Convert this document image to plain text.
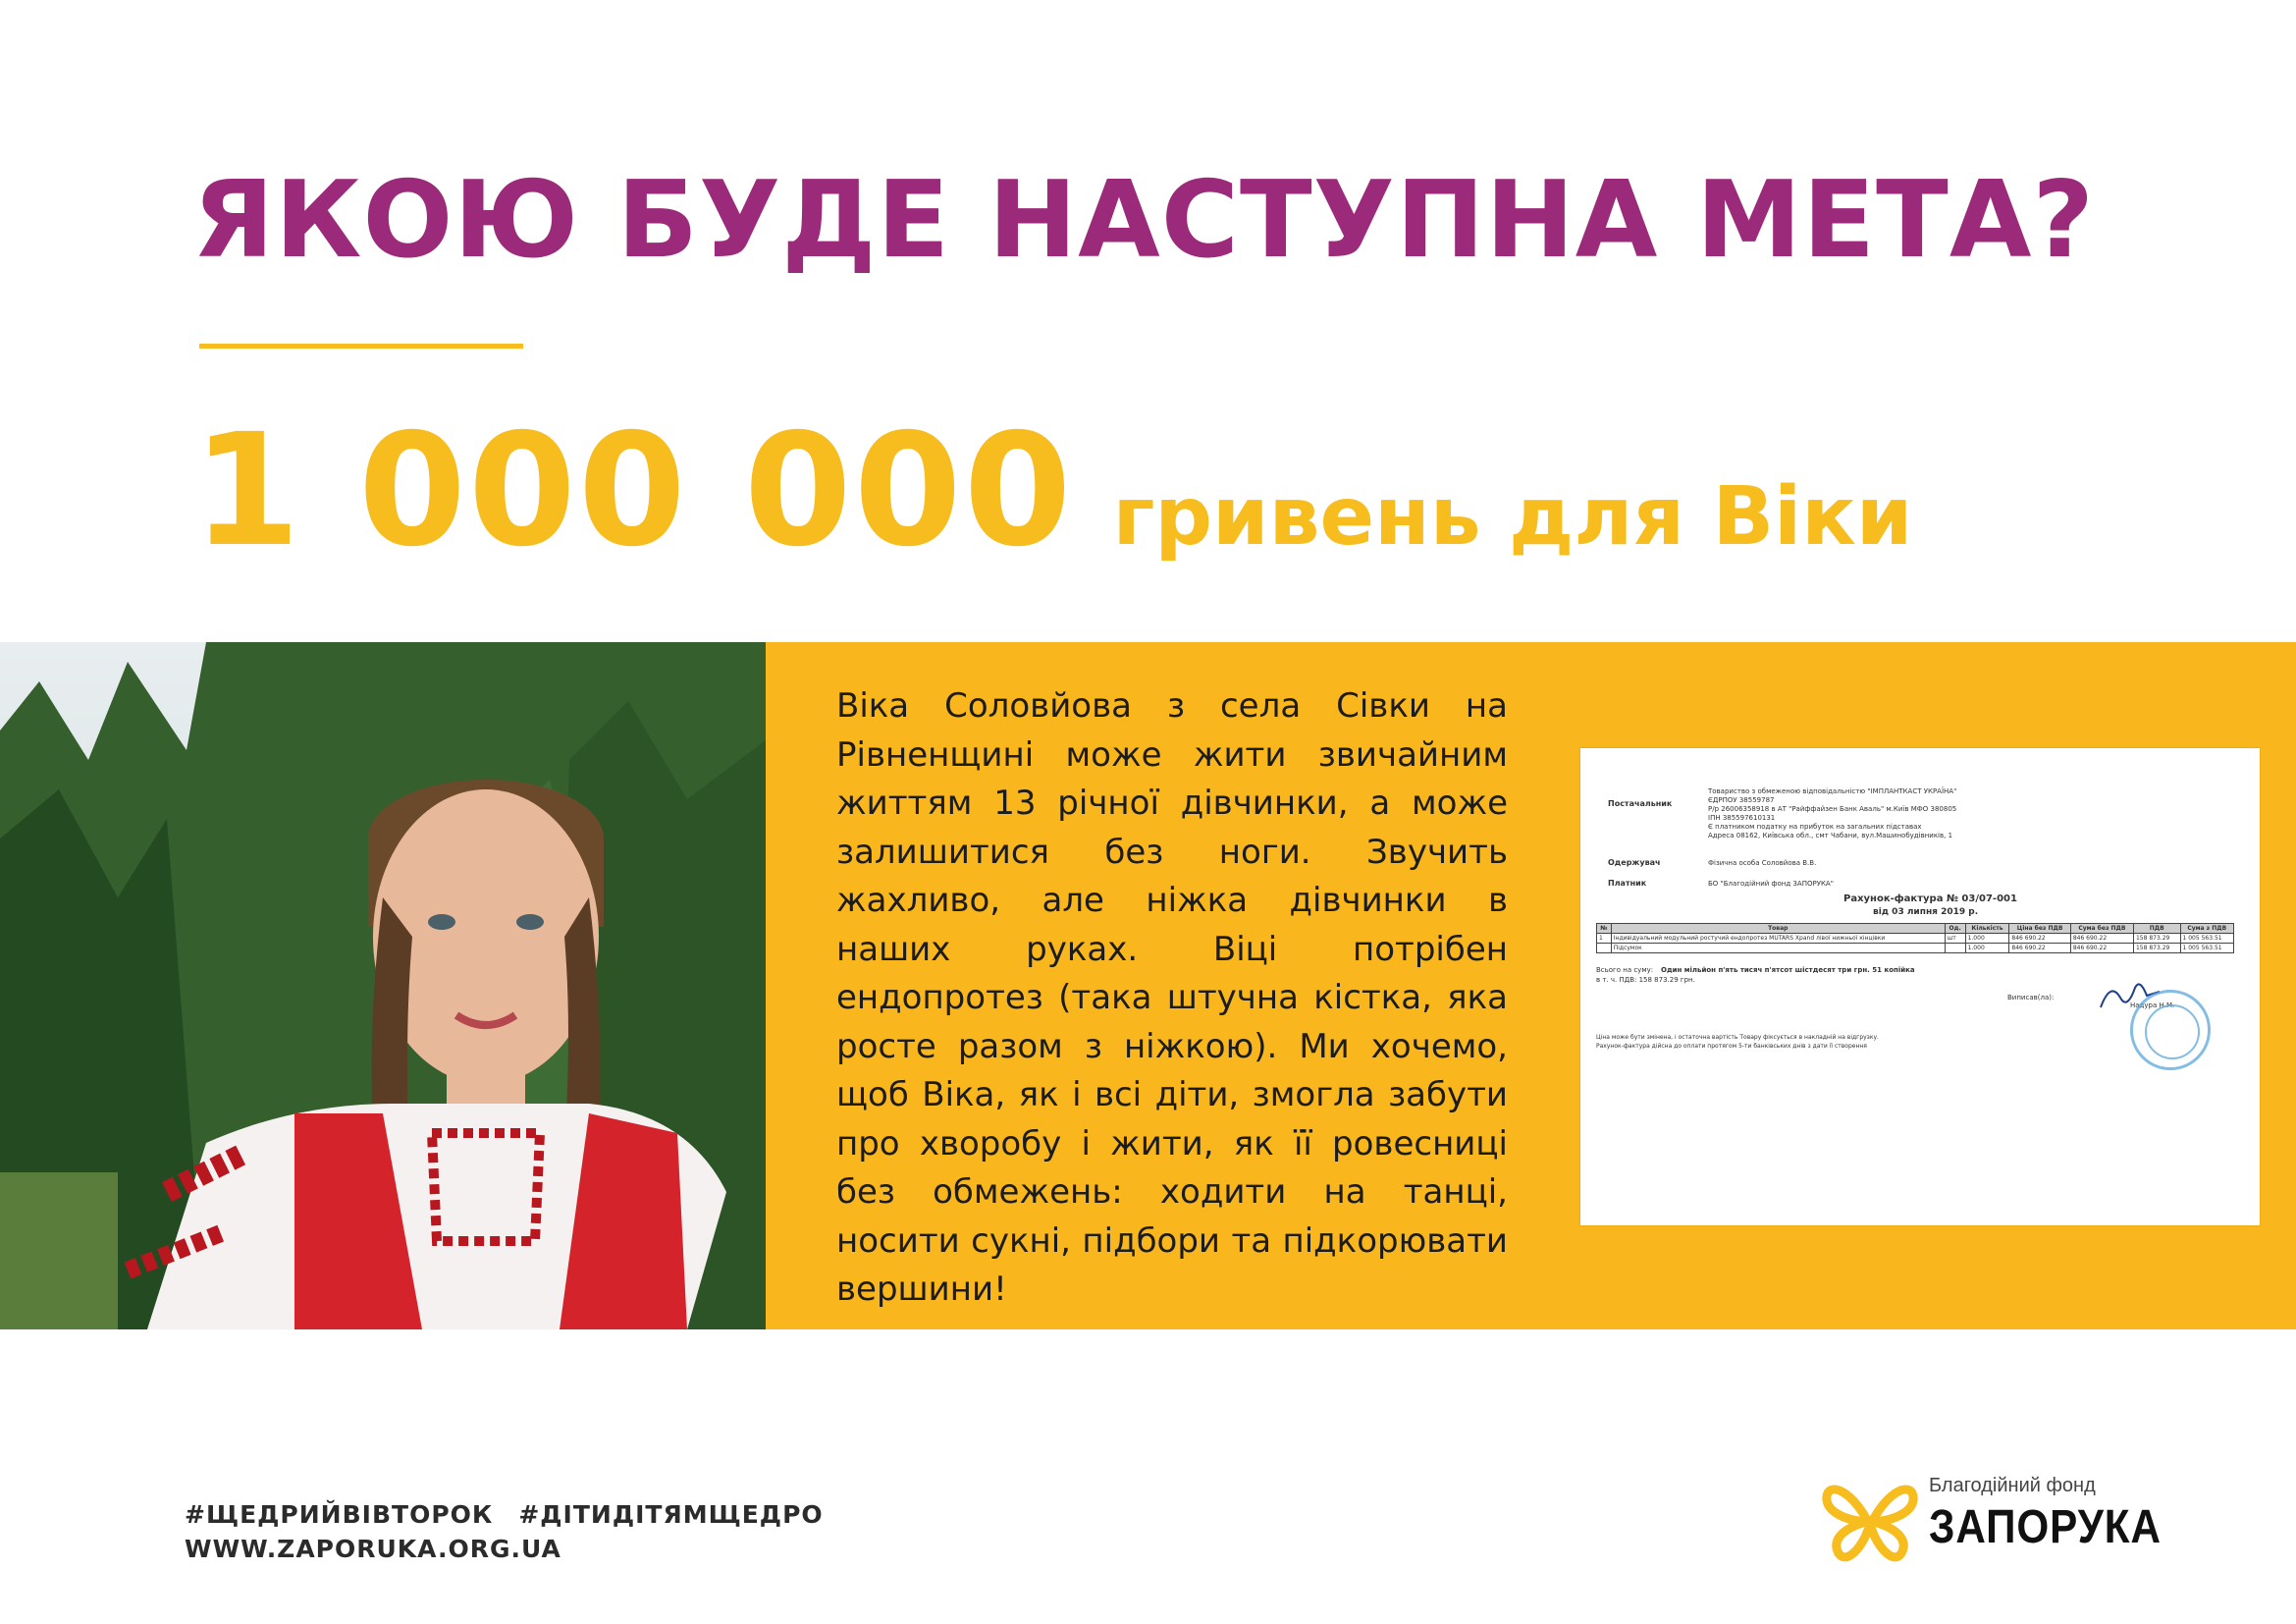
ЯКОЮ БУДЕ НАСТУПНА МЕТА?
1 000 000 гривень для Віки

Віка Соловйова з села Сівки на Рівненщині може жити звичайним життям 13 річної дівчинки, а може залишитися без ноги. Звучить жахливо, але ніжка дівчинки в наших руках. Віці потрібен ендопротез (така штучна кістка, яка росте разом з ніжкою). Ми хочемо, щоб Віка, як і всі діти, змогла забути про хворобу і жити, як її ровесниці без обмежень: ходити на танці, носити сукні, підбори та підкорювати вершини!

Постачальник
Товариство з обмеженою відповідальністю "ІМПЛАНТКАСТ УКРАЇНА"
ЄДРПОУ 38559787
Р/р 26006358918 в АТ "Райффайзен Банк Аваль" м.Київ МФО 380805
ІПН 385597610131
Є платником податку на прибуток на загальних підставах
Адреса 08162, Київська обл., смт Чабани, вул.Машинобудівників, 1
Одержувач	Фізична особа Соловйова В.В.
Платник	БО "Благодійний фонд ЗАПОРУКА"
Рахунок-фактура № 03/07-001
від 03 липня 2019 р.
№	Товар	Од.	Кількість	Ціна без ПДВ	Сума без ПДВ	ПДВ	Сума з ПДВ
1	Індивідуальний модульний ростучий ендопротез MUTARS Xpand лівої нижньої кінцівки	шт	1.000	846 690.22	846 690.22	158 873.29	1 005 563.51
	Підсумок		1.000	846 690.22	846 690.22	158 873.29	1 005 563.51
Всього на суму: Один мільйон п'ять тисяч п'ятсот шістдесят три грн. 51 копійка
в т. ч. ПДВ: 158 873.29 грн.
Виписав(ла):
Надура Н.М.
Ціна може бути змінена, і остаточна вартість Товару фіксується в накладній на відгрузку.
Рахунок-фактура дійсна до оплати протягом 5-ти банківських днів з дати її створення

#ЩЕДРИЙВІВТОРОК #ДІТИДІТЯМЩЕДРО

WWW.ZAPORUKA.ORG.UA

Благодійний фонд
ЗАПОРУКА
